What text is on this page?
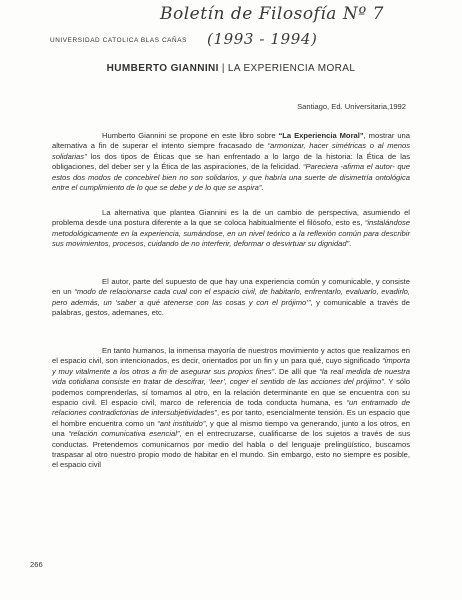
Boletín de Filosofía Nº 7
(1993 - 1994)
UNIVERSIDAD CATOLICA BLAS CAÑAS
HUMBERTO GIANNINI | LA EXPERIENCIA MORAL
Santiago, Ed. Universitaria,1992

Humberto Giannini se propone en este libro sobre “La Experiencia Moral”, mostrar una alternativa a fin de superar el intento siempre fracasado de “armonizar, hacer simétricas o al menos solidarias” los dos tipos de Éticas que se han enfrentado a lo largo de la historia: la Ética de las obligaciones, del deber ser y la Ética de las aspiraciones, de la felicidad. “Pareciera -afirma el autor- que estos dos modos de concebirel bien no son solidarios, y que habría una suerte de disimetría ontológica entre el cumplimiento de lo que se debe y de lo que se aspira”.

La alternativa que plantea Giannini es la de un cambio de perspectiva, asumiendo el problema desde una postura diferente a la que se coloca habitualmente el filósofo, esto es, “instalándose metodológicamente en la experiencia, sumándose, en un nivel teórico a la reflexión común para describir sus movimientos, procesos, cuidando de no interferir, deformar o desvirtuar su dignidad”.

El autor, parte del supuesto de que hay una experiencia común y comunicable, y consiste en un “modo de relacionarse cada cual con el espacio civil, de habitarlo, enfrentarlo, evaluarlo, evadirlo, pero además, un ‘saber a qué atenerse con las cosas y con el prójimo’”, y comunicable a través de palabras, gestos, ademanes, etc.

En tanto humanos, la inmensa mayoría de nuestros movimiento y actos que realizamos en el espacio civil, son intencionados, es decir, orientados por un fin y un para qué, cuyo significado “importa y muy vitalmente a los otros a fin de asegurar sus propios fines”. De allí que “la real medida de nuestra vida cotidiana consiste en tratar de descifrar, ‘leer’, coger el sentido de las acciones del prójimo”. Y sólo podemos comprenderlas, sí tomamos al otro, en la relación determinante en que se encuentra con su espacio civil. El espacio civil, marco de referencia de toda conducta humana, es “un entramado de relaciones contradictorias de intersubjetividades”, es por tanto, esencialmente tensión. Es un espacio que el hombre encuentra como un “ant instituido”, y que al mismo tiempo va generando, junto a los otros, en una “relación comunicativa esencial”, en el entrecruzarse, cualificarse de los sujetos a través de sus conductas. Pretendemos comunicarnos por medio del habla o del lenguaje prelingüístico, buscamos traspasar al otro nuestro propio modo de habitar en el mundo. Sin embargo, esto no siempre es posible, el espacio civil

266
